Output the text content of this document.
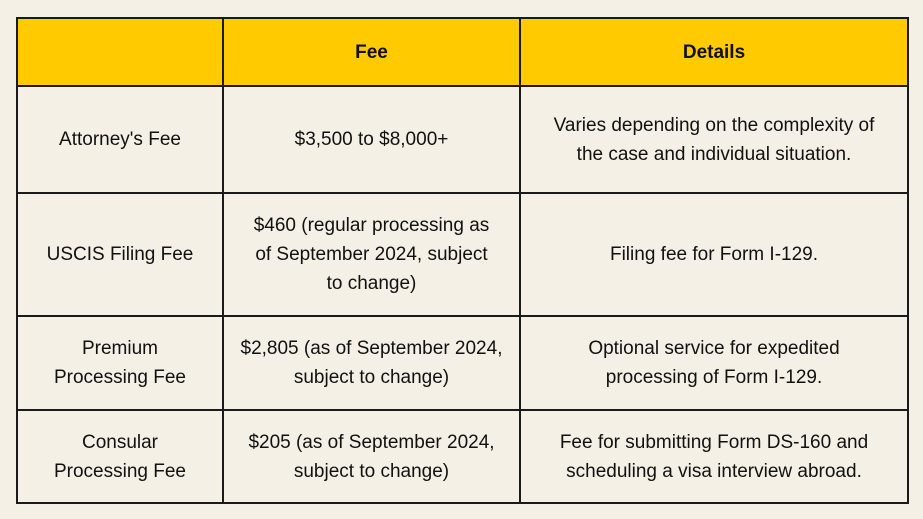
	Fee	Details
Attorney's Fee	$3,500 to $8,000+	Varies depending on the complexity of the case and individual situation.
USCIS Filing Fee	$460 (regular processing as of September 2024, subject to change)	Filing fee for Form I-129.
Premium Processing Fee	$2,805 (as of September 2024, subject to change)	Optional service for expedited processing of Form I-129.
Consular Processing Fee	$205 (as of September 2024, subject to change)	Fee for submitting Form DS-160 and scheduling a visa interview abroad.
